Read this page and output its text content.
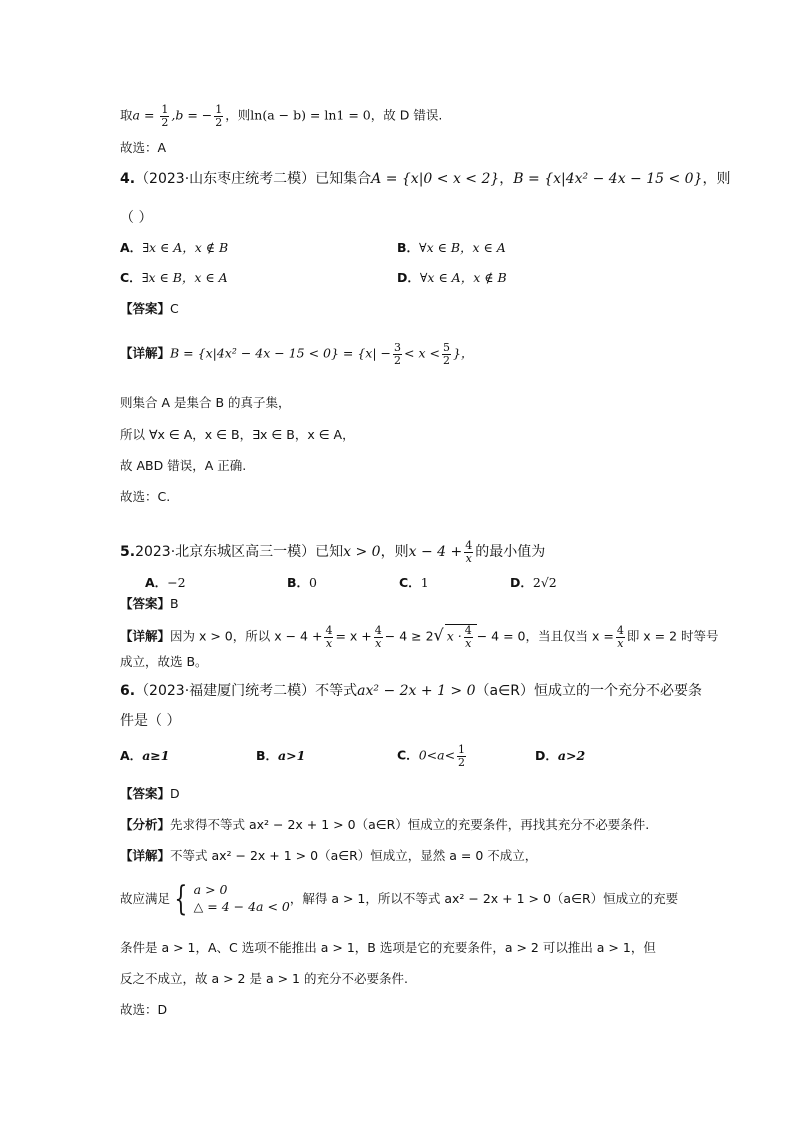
取$a = \frac{1}{2} ,b$ = − $\frac{1}{2}$ ，则ln(a − b) = ln1 = 0，故 D 错误.
故选：A
4.（2023·山东枣庄统考二模）已知集合A = {x|0 < x < 2}，B = {x|4x² − 4x − 15 < 0}，则
（ ）
A．∃x ∈ A，x ∉ B	B．∀x ∈ B，x ∈ A
C．∃x ∈ B，x ∈ A	D．∀x ∈ A，x ∉ B
【答案】C
【详解】$B = \{x|4x^2 - 4x - 15 < 0\} = \{x| - \frac{3}{2} < x < \frac{5}{2}$ }，
则集合 A 是集合 B 的真子集，
所以 ∀x ∈ A，x ∈ B，∃x ∈ B，x ∈ A，
故 ABD 错误，A 正确.
故选：C.
5.2023·北京东城区高三一模）已知x > 0，则$x - 4 + \frac{4}{x}$ 的最小值为
A．−2	B．0	C．1	D．2√2
【答案】B
【详解】因为 x > 0，所以 $x - 4 + \frac{4}{x} = x + \frac{4}{x} - 4 \ge 2√$ $x \cdot \frac{4}{x} - 4 = 0$，当且仅当 $x = \frac{4}{x}$ 即 x = 2 时等号
成立，故选 B。
6.（2023·福建厦门统考二模）不等式ax² − 2x + 1 > 0（a∈R）恒成立的一个充分不必要条
件是（ ）
A．a≥1	B．a>1	C．$0<a< \frac{1}{2}$	D．a>2
【答案】D
【分析】先求得不等式 ax² − 2x + 1 > 0（a∈R）恒成立的充要条件，再找其充分不必要条件.
【详解】不等式 ax² − 2x + 1 > 0（a∈R）恒成立，显然 a = 0 不成立，
故应满足 { a > 0
△ = 4 − 4a < 0
，解得 a > 1，所以不等式 ax² − 2x + 1 > 0（a∈R）恒成立的充要
条件是 a > 1，A、C 选项不能推出 a > 1，B 选项是它的充要条件，a > 2 可以推出 a > 1，但
反之不成立，故 a > 2 是 a > 1 的充分不必要条件.
故选：D
